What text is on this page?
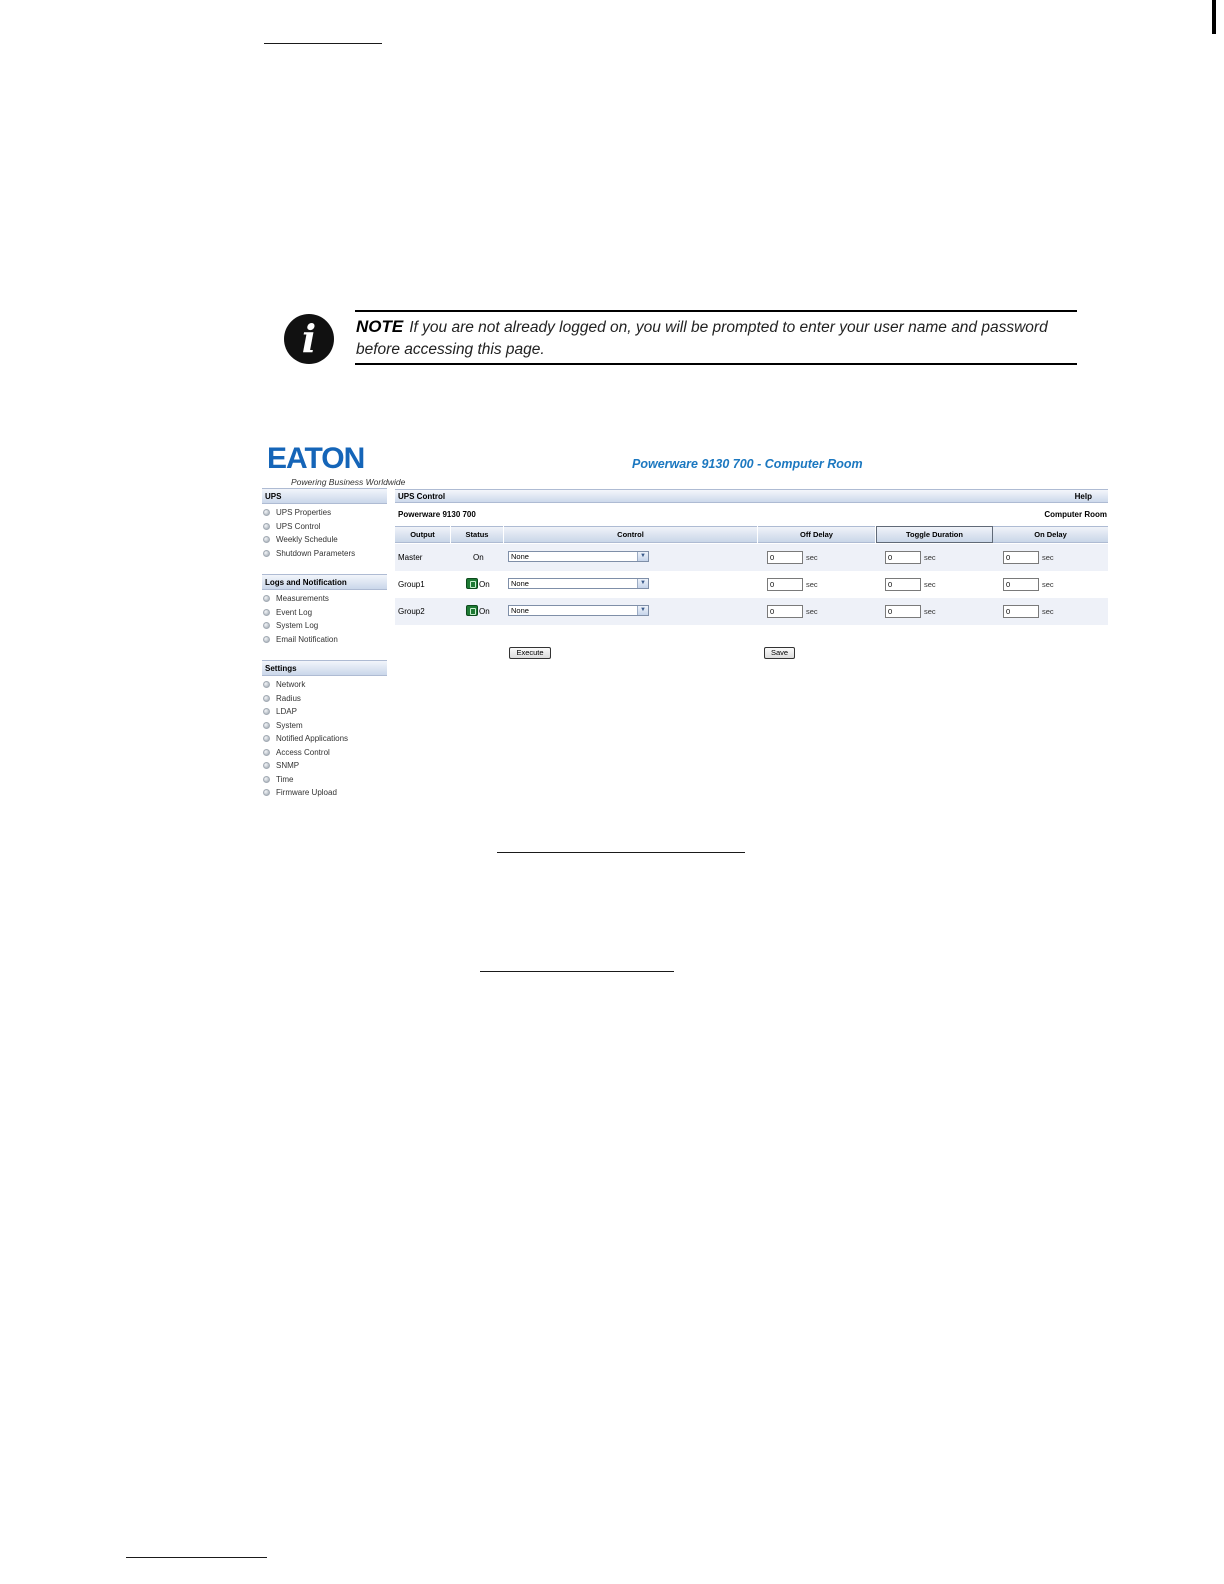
i	NOTE If you are not already logged on, you will be prompted to enter your user name and password before accessing this page.
EATON
Powering Business Worldwide
Powerware 9130 700 - Computer Room
UPS
UPS Properties
UPS Control
Weekly Schedule
Shutdown Parameters
Logs and Notification
Measurements
Event Log
System Log
Email Notification
Settings
Network
Radius
LDAP
System
Notified Applications
Access Control
SNMP
Time
Firmware Upload
UPS Control	Help
Powerware 9130 700	Computer Room
Output	Status	Control	Off Delay	Toggle Duration	On Delay
Master	On	None	▼	0	sec	0	sec	0	sec
Group1	On	None	▼	0	sec	0	sec	0	sec
Group2	On	None	▼	0	sec	0	sec	0	sec
Execute	Save
